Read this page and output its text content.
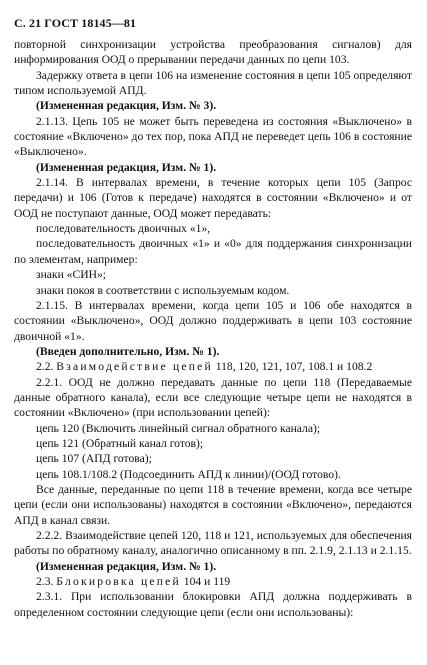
С. 21 ГОСТ 18145—81

повторной синхронизации устройства преобразования сигналов) для информирования ООД о прерывании передачи данных по цепи 103.

Задержку ответа в цепи 106 на изменение состояния в цепи 105 определяют типом используемой АПД.

(Измененная редакция, Изм. № 3).

2.1.13. Цепь 105 не может быть переведена из состояния «Выключено» в состояние «Включено» до тех пор, пока АПД не переведет цепь 106 в состояние «Выключено».

(Измененная редакция, Изм. № 1).

2.1.14. В интервалах времени, в течение которых цепи 105 (Запрос передачи) и 106 (Готов к передаче) находятся в состоянии «Включено» и от ООД не поступают данные, ООД может передавать:

последовательность двоичных «1»,

последовательность двоичных «1» и «0» для поддержания синхронизации по элементам, например:

знаки «СИН»;

знаки покоя в соответствии с используемым кодом.

2.1.15. В интервалах времени, когда цепи 105 и 106 обе находятся в состоянии «Выключено», ООД должно поддерживать в цепи 103 состояние двоичной «1».

(Введен дополнительно, Изм. № 1).

2.2. Взаимодействие цепей 118, 120, 121, 107, 108.1 и 108.2

2.2.1. ООД не должно передавать данные по цепи 118 (Передаваемые данные обратного канала), если все следующие четыре цепи не находятся в состоянии «Включено» (при использовании цепей):

цепь 120 (Включить линейный сигнал обратного канала);

цепь 121 (Обратный канал готов);

цепь 107 (АПД готова);

цепь 108.1/108.2 (Подсоединить АПД к линии)/(ООД готово).

Все данные, переданные по цепи 118 в течение времени, когда все четыре цепи (если они использованы) находятся в состоянии «Включено», передаются АПД в канал связи.

2.2.2. Взаимодействие цепей 120, 118 и 121, используемых для обеспечения работы по обратному каналу, аналогично описанному в пп. 2.1.9, 2.1.13 и 2.1.15.

(Измененная редакция, Изм. № 1).

2.3. Блокировка цепей 104 и 119

2.3.1. При использовании блокировки АПД должна поддерживать в определенном состоянии следующие цепи (если они использованы):
